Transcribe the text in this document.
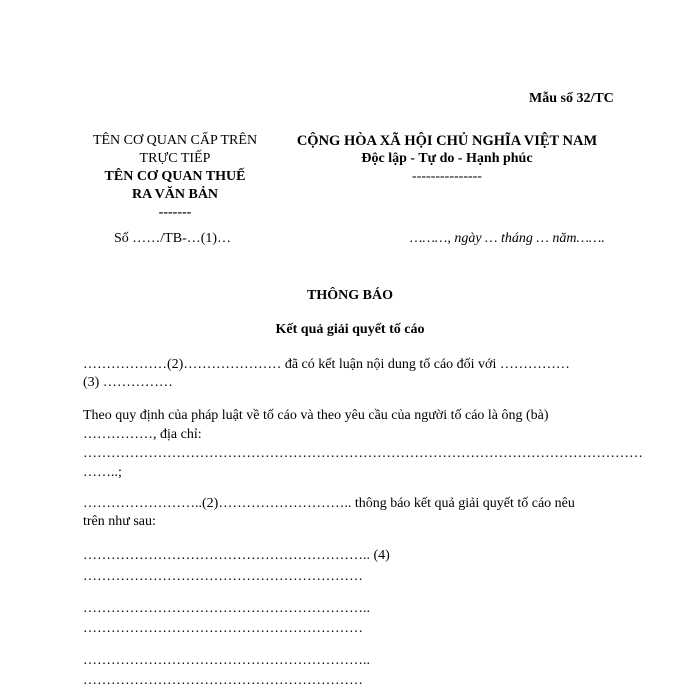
Mẫu số 32/TC
TÊN CƠ QUAN CẤP TRÊN
TRỰC TIẾP
TÊN CƠ QUAN THUẾ
RA VĂN BẢN
-------
CỘNG HÒA XÃ HỘI CHỦ NGHĨA VIỆT NAM
Độc lập - Tự do - Hạnh phúc
---------------
Số ……/TB-…(1)…	………, ngày … tháng … năm…….
THÔNG BÁO
Kết quả giải quyết tố cáo
………………(2)………………… đã có kết luận nội dung tố cáo đối với ……………
(3) ……………
Theo quy định của pháp luật về tố cáo và theo yêu cầu của người tố cáo là ông (bà)
……………, địa chỉ:
…………………………………………………………………………………………………………
……..;
……………………..(2)……………………….. thông báo kết quả giải quyết tố cáo nêu
trên như sau:
…………………………………………………….. (4)
……………………………………………………
……………………………………………………..
……………………………………………………
……………………………………………………..
……………………………………………………
